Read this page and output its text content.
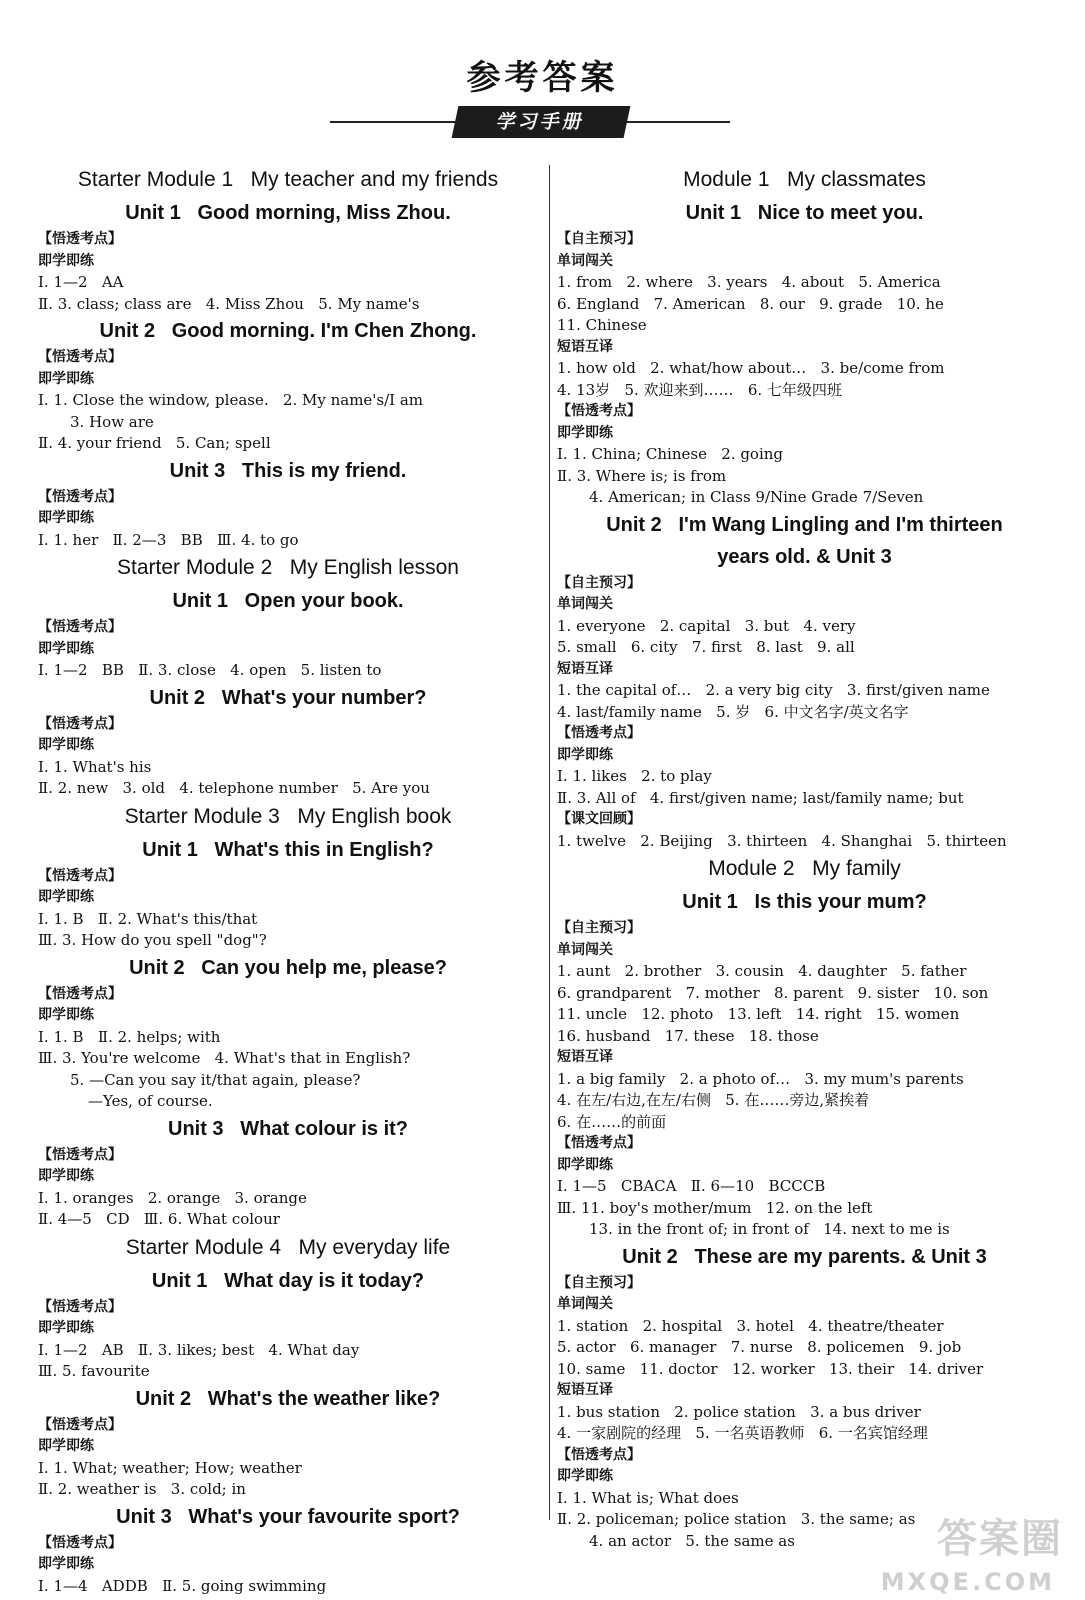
参考答案
学习手册
Starter Module 1   My teacher and my friends
Unit 1   Good morning, Miss Zhou.
【悟透考点】
即学即练
Ⅰ. 1—2   AA
Ⅱ. 3. class; class are   4. Miss Zhou   5. My name's
Unit 2   Good morning. I'm Chen Zhong.
【悟透考点】
即学即练
Ⅰ. 1. Close the window, please.   2. My name's/I am
3. How are
Ⅱ. 4. your friend   5. Can; spell
Unit 3   This is my friend.
【悟透考点】
即学即练
Ⅰ. 1. her   Ⅱ. 2—3   BB   Ⅲ. 4. to go
Starter Module 2   My English lesson
Unit 1   Open your book.
【悟透考点】
即学即练
Ⅰ. 1—2   BB   Ⅱ. 3. close   4. open   5. listen to
Unit 2   What's your number?
【悟透考点】
即学即练
Ⅰ. 1. What's his
Ⅱ. 2. new   3. old   4. telephone number   5. Are you
Starter Module 3   My English book
Unit 1   What's this in English?
【悟透考点】
即学即练
Ⅰ. 1. B   Ⅱ. 2. What's this/that
Ⅲ. 3. How do you spell "dog"?
Unit 2   Can you help me, please?
【悟透考点】
即学即练
Ⅰ. 1. B   Ⅱ. 2. helps; with
Ⅲ. 3. You're welcome   4. What's that in English?
5. —Can you say it/that again, please?
—Yes, of course.
Unit 3   What colour is it?
【悟透考点】
即学即练
Ⅰ. 1. oranges   2. orange   3. orange
Ⅱ. 4—5   CD   Ⅲ. 6. What colour
Starter Module 4   My everyday life
Unit 1   What day is it today?
【悟透考点】
即学即练
Ⅰ. 1—2   AB   Ⅱ. 3. likes; best   4. What day
Ⅲ. 5. favourite
Unit 2   What's the weather like?
【悟透考点】
即学即练
Ⅰ. 1. What; weather; How; weather
Ⅱ. 2. weather is   3. cold; in
Unit 3   What's your favourite sport?
【悟透考点】
即学即练
Ⅰ. 1—4   ADDB   Ⅱ. 5. going swimming
Module 1   My classmates
Unit 1   Nice to meet you.
【自主预习】
单词闯关
1. from   2. where   3. years   4. about   5. America
6. England   7. American   8. our   9. grade   10. he
11. Chinese
短语互译
1. how old   2. what/how about…   3. be/come from
4. 13岁   5. 欢迎来到……   6. 七年级四班
【悟透考点】
即学即练
Ⅰ. 1. China; Chinese   2. going
Ⅱ. 3. Where is; is from
4. American; in Class 9/Nine Grade 7/Seven
Unit 2   I'm Wang Lingling and I'm thirteen
years old. & Unit 3
【自主预习】
单词闯关
1. everyone   2. capital   3. but   4. very
5. small   6. city   7. first   8. last   9. all
短语互译
1. the capital of…   2. a very big city   3. first/given name
4. last/family name   5. 岁   6. 中文名字/英文名字
【悟透考点】
即学即练
Ⅰ. 1. likes   2. to play
Ⅱ. 3. All of   4. first/given name; last/family name; but
【课文回顾】
1. twelve   2. Beijing   3. thirteen   4. Shanghai   5. thirteen
Module 2   My family
Unit 1   Is this your mum?
【自主预习】
单词闯关
1. aunt   2. brother   3. cousin   4. daughter   5. father
6. grandparent   7. mother   8. parent   9. sister   10. son
11. uncle   12. photo   13. left   14. right   15. women
16. husband   17. these   18. those
短语互译
1. a big family   2. a photo of…   3. my mum's parents
4. 在左/右边,在左/右侧   5. 在……旁边,紧挨着
6. 在……的前面
【悟透考点】
即学即练
Ⅰ. 1—5   CBACA   Ⅱ. 6—10   BCCCB
Ⅲ. 11. boy's mother/mum   12. on the left
13. in the front of; in front of   14. next to me is
Unit 2   These are my parents. & Unit 3
【自主预习】
单词闯关
1. station   2. hospital   3. hotel   4. theatre/theater
5. actor   6. manager   7. nurse   8. policemen   9. job
10. same   11. doctor   12. worker   13. their   14. driver
短语互译
1. bus station   2. police station   3. a bus driver
4. 一家剧院的经理   5. 一名英语教师   6. 一名宾馆经理
【悟透考点】
即学即练
Ⅰ. 1. What is; What does
Ⅱ. 2. policeman; police station   3. the same; as
4. an actor   5. the same as	答案圈
MXQE.COM
